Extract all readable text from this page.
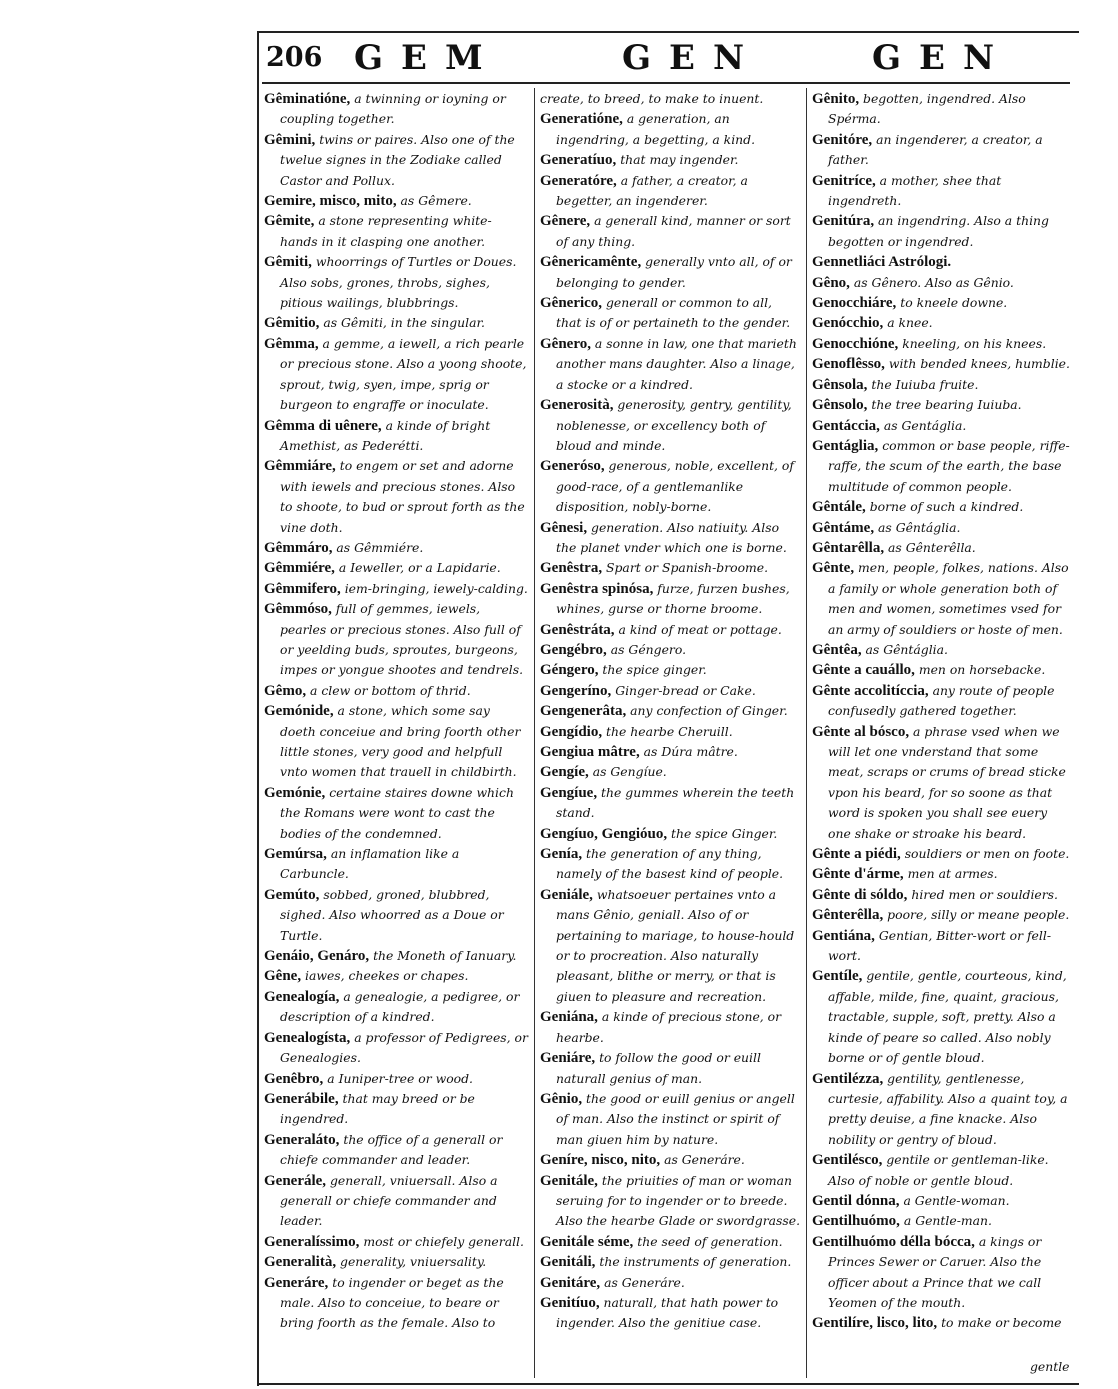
206 GEM	GEN	GEN

Gêminatióne, a twinning or ioyning or coupling together.

Gêmini, twins or paires. Also one of the twelue signes in the Zodiake called Castor and Pollux.

Gemire, misco, mito, as Gêmere.

Gêmite, a stone representing white-hands in it clasping one another.

Gêmiti, whoorrings of Turtles or Doues. Also sobs, grones, throbs, sighes, pitious wailings, blubbrings.

Gêmitio, as Gêmiti, in the singular.

Gêmma, a gemme, a iewell, a rich pearle or precious stone. Also a yoong shoote, sprout, twig, syen, impe, sprig or burgeon to engraffe or inoculate.

Gêmma di uênere, a kinde of bright Amethist, as Pederétti.

Gêmmiáre, to engem or set and adorne with iewels and precious stones. Also to shoote, to bud or sprout forth as the vine doth.

Gêmmáro, as Gêmmiére.

Gêmmiére, a Ieweller, or a Lapidarie.

Gêmmifero, iem-bringing, iewely-calding.

Gêmmóso, full of gemmes, iewels, pearles or precious stones. Also full of or yeelding buds, sproutes, burgeons, impes or yongue shootes and tendrels.

Gêmo, a clew or bottom of thrid.

Gemónide, a stone, which some say doeth conceiue and bring foorth other little stones, very good and helpfull vnto women that trauell in childbirth.

Gemónie, certaine staires downe which the Romans were wont to cast the bodies of the condemned.

Gemúrsa, an inflamation like a Carbuncle.

Gemúto, sobbed, groned, blubbred, sighed. Also whoorred as a Doue or Turtle.

Genáio, Genáro, the Moneth of Ianuary.

Gêne, iawes, cheekes or chapes.

Genealogía, a genealogie, a pedigree, or description of a kindred.

Genealogísta, a professor of Pedigrees, or Genealogies.

Genêbro, a Iuniper-tree or wood.

Generábile, that may breed or be ingendred.

Generaláto, the office of a generall or chiefe commander and leader.

Generále, generall, vniuersall. Also a generall or chiefe commander and leader.

Generalíssimo, most or chiefely generall.

Generalità, generality, vniuersality.

Generáre, to ingender or beget as the male. Also to conceiue, to beare or bring foorth as the female. Also to

create, to breed, to make to inuent.

Generatióne, a generation, an ingendring, a begetting, a kind.

Generatíuo, that may ingender.

Generatóre, a father, a creator, a begetter, an ingenderer.

Gênere, a generall kind, manner or sort of any thing.

Gênericamênte, generally vnto all, of or belonging to gender.

Gênerico, generall or common to all, that is of or pertaineth to the gender.

Gênero, a sonne in law, one that marieth another mans daughter. Also a linage, a stocke or a kindred.

Generosità, generosity, gentry, gentility, noblenesse, or excellency both of bloud and minde.

Generóso, generous, noble, excellent, of good-race, of a gentlemanlike disposition, nobly-borne.

Gênesi, generation. Also natiuity. Also the planet vnder which one is borne.

Genêstra, Spart or Spanish-broome.

Genêstra spinósa, furze, furzen bushes, whines, gurse or thorne broome.

Genêstráta, a kind of meat or pottage.

Gengébro, as Géngero.

Géngero, the spice ginger.

Gengeríno, Ginger-bread or Cake.

Gengenerâta, any confection of Ginger.

Gengídio, the hearbe Cheruill.

Gengiua mâtre, as Dúra mâtre.

Gengíe, as Gengíue.

Gengíue, the gummes wherein the teeth stand.

Gengíuo, Gengióuo, the spice Ginger.

Genía, the generation of any thing, namely of the basest kind of people.

Geniále, whatsoeuer pertaines vnto a mans Gênio, geniall. Also of or pertaining to mariage, to house-hould or to procreation. Also naturally pleasant, blithe or merry, or that is giuen to pleasure and recreation.

Geniána, a kinde of precious stone, or hearbe.

Geniáre, to follow the good or euill naturall genius of man.

Gênio, the good or euill genius or angell of man. Also the instinct or spirit of man giuen him by nature.

Geníre, nisco, nito, as Generáre.

Genitále, the priuities of man or woman seruing for to ingender or to breede. Also the hearbe Glade or swordgrasse.

Genitále séme, the seed of generation.

Genitáli, the instruments of generation.

Genitáre, as Generáre.

Genitíuo, naturall, that hath power to ingender. Also the genitiue case.

Gênito, begotten, ingendred. Also Spérma.

Genitóre, an ingenderer, a creator, a father.

Genitríce, a mother, shee that ingendreth.

Genitúra, an ingendring. Also a thing begotten or ingendred.

Gennetliáci Astrólogi.

Gêno, as Gênero. Also as Gênio.

Genocchiáre, to kneele downe.

Genócchio, a knee.

Genocchióne, kneeling, on his knees.

Genoflêsso, with bended knees, humblie.

Gênsola, the Iuiuba fruite.

Gênsolo, the tree bearing Iuiuba.

Gentáccia, as Gentáglia.

Gentáglia, common or base people, riffe-raffe, the scum of the earth, the base multitude of common people.

Gêntále, borne of such a kindred.

Gêntáme, as Gêntáglia.

Gêntarêlla, as Gênterêlla.

Gênte, men, people, folkes, nations. Also a family or whole generation both of men and women, sometimes vsed for an army of souldiers or hoste of men.

Gêntêa, as Gêntáglia.

Gênte a cauállo, men on horsebacke.

Gênte accolitíccia, any route of people confusedly gathered together.

Gênte al bósco, a phrase vsed when we will let one vnderstand that some meat, scraps or crums of bread sticke vpon his beard, for so soone as that word is spoken you shall see euery one shake or stroake his beard.

Gênte a piédi, souldiers or men on foote.

Gênte d'árme, men at armes.

Gênte di sóldo, hired men or souldiers.

Gênterêlla, poore, silly or meane people.

Gentiána, Gentian, Bitter-wort or fell-wort.

Gentíle, gentile, gentle, courteous, kind, affable, milde, fine, quaint, gracious, tractable, supple, soft, pretty. Also a kinde of peare so called. Also nobly borne or of gentle bloud.

Gentilézza, gentility, gentlenesse, curtesie, affability. Also a quaint toy, a pretty deuise, a fine knacke. Also nobility or gentry of bloud.

Gentilésco, gentile or gentleman-like. Also of noble or gentle bloud.

Gentil dónna, a Gentle-woman.

Gentilhuómo, a Gentle-man.

Gentilhuómo délla bócca, a kings or Princes Sewer or Caruer. Also the officer about a Prince that we call Yeomen of the mouth.

Gentilíre, lisco, lito, to make or become

gentle
